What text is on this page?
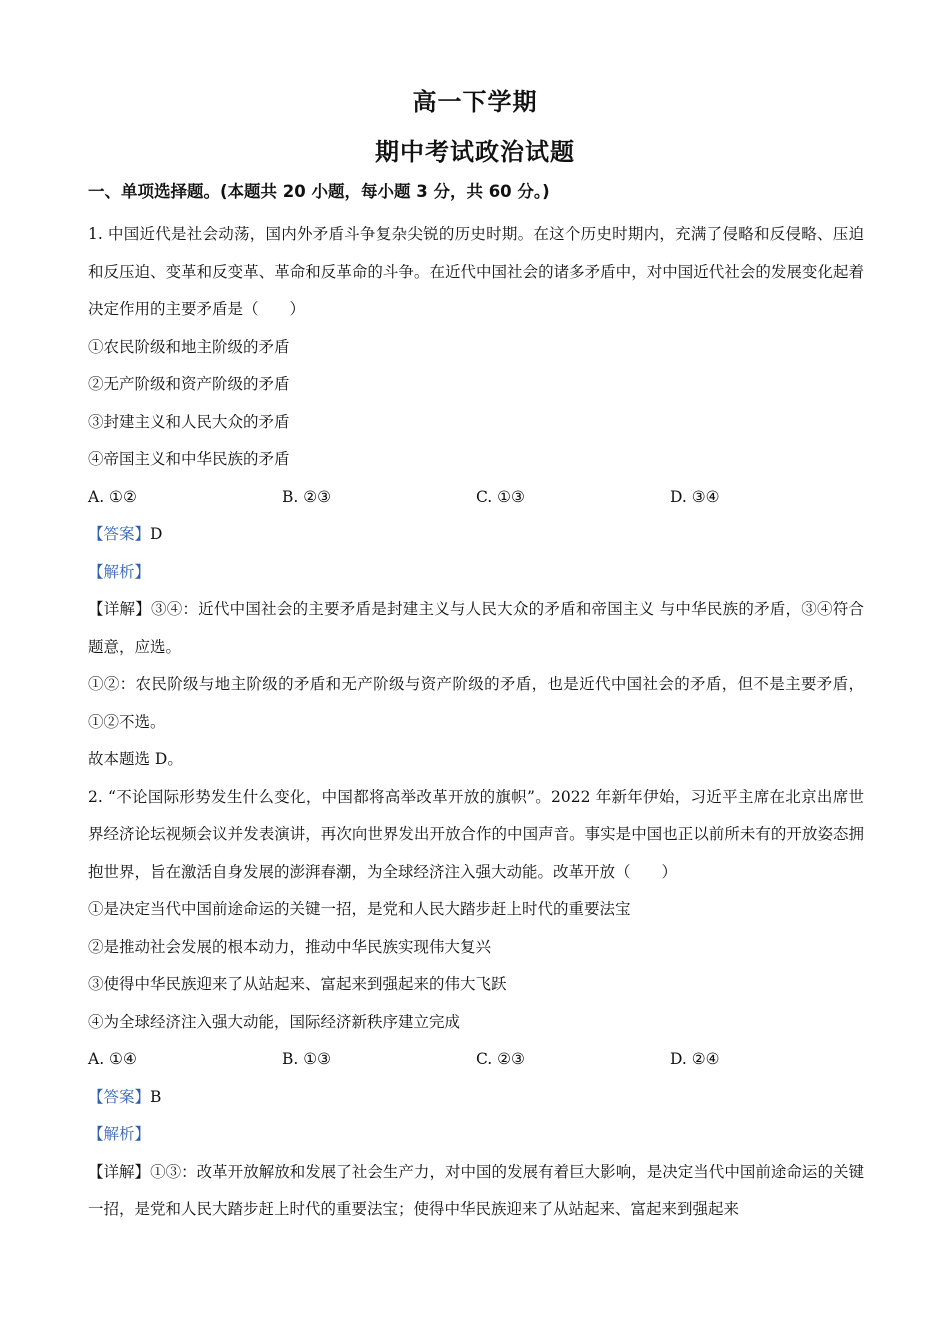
高一下学期
期中考试政治试题
一、单项选择题。(本题共 20 小题，每小题 3 分，共 60 分。)

1. 中国近代是社会动荡，国内外矛盾斗争复杂尖锐的历史时期。在这个历史时期内，充满了侵略和反侵略、压迫和反压迫、变革和反变革、革命和反革命的斗争。在近代中国社会的诸多矛盾中，对中国近代社会的发展变化起着决定作用的主要矛盾是（　　）

①农民阶级和地主阶级的矛盾

②无产阶级和资产阶级的矛盾

③封建主义和人民大众的矛盾

④帝国主义和中华民族的矛盾

A. ①②	B. ②③	C. ①③	D. ③④

【答案】D

【解析】

【详解】③④：近代中国社会的主要矛盾是封建主义与人民大众的矛盾和帝国主义 与中华民族的矛盾，③④符合题意，应选。

①②：农民阶级与地主阶级的矛盾和无产阶级与资产阶级的矛盾，也是近代中国社会的矛盾，但不是主要矛盾，①②不选。

故本题选 D。

2. “不论国际形势发生什么变化，中国都将高举改革开放的旗帜”。2022 年新年伊始，习近平主席在北京出席世界经济论坛视频会议并发表演讲，再次向世界发出开放合作的中国声音。事实是中国也正以前所未有的开放姿态拥抱世界，旨在激活自身发展的澎湃春潮，为全球经济注入强大动能。改革开放（　　）

①是决定当代中国前途命运的关键一招，是党和人民大踏步赶上时代的重要法宝

②是推动社会发展的根本动力，推动中华民族实现伟大复兴

③使得中华民族迎来了从站起来、富起来到强起来的伟大飞跃

④为全球经济注入强大动能，国际经济新秩序建立完成

A. ①④	B. ①③	C. ②③	D. ②④

【答案】B

【解析】

【详解】①③：改革开放解放和发展了社会生产力，对中国的发展有着巨大影响，是决定当代中国前途命运的关键一招，是党和人民大踏步赶上时代的重要法宝；使得中华民族迎来了从站起来、富起来到强起来
